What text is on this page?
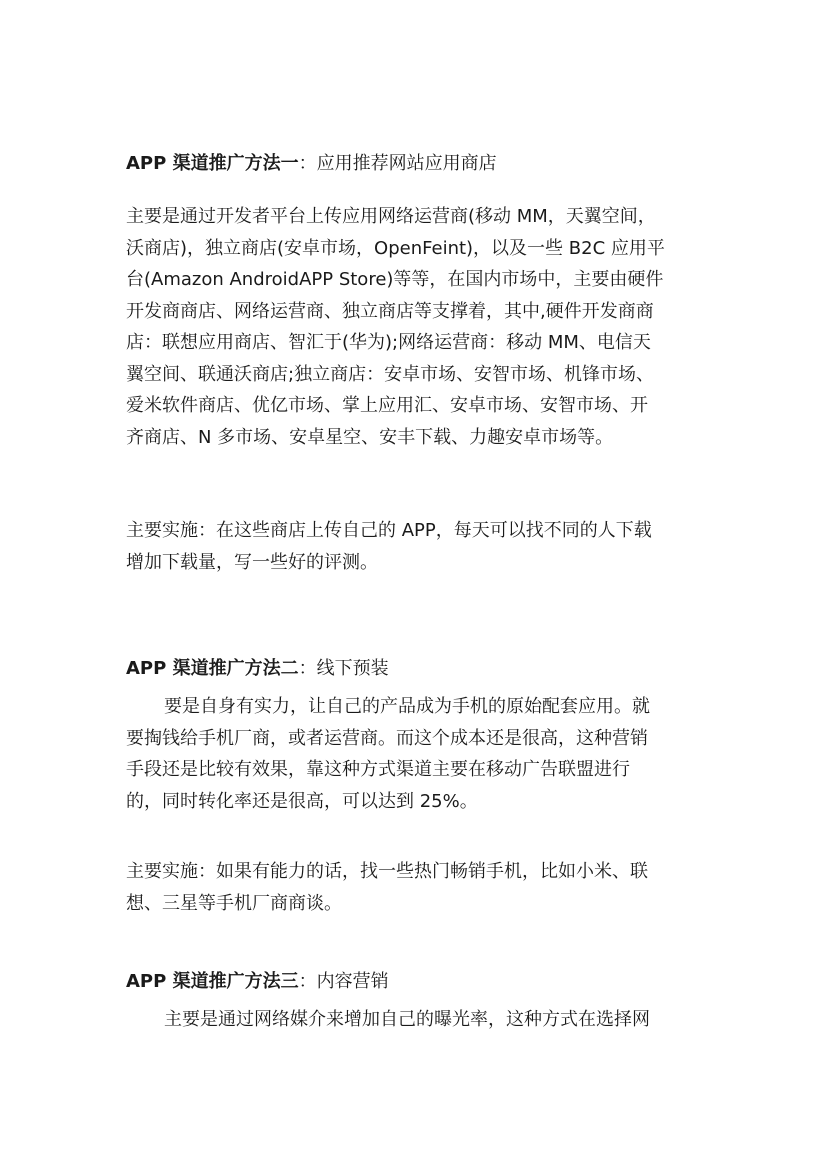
APP 渠道推广方法一：应用推荐网站应用商店
主要是通过开发者平台上传应用网络运营商(移动 MM，天翼空间，
沃商店)，独立商店(安卓市场，OpenFeint)，以及一些 B2C 应用平
台(Amazon AndroidAPP Store)等等，在国内市场中，主要由硬件
开发商商店、网络运营商、独立商店等支撑着，其中,硬件开发商商
店：联想应用商店、智汇于(华为);网络运营商：移动 MM、电信天
翼空间、联通沃商店;独立商店：安卓市场、安智市场、机锋市场、
爱米软件商店、优亿市场、掌上应用汇、安卓市场、安智市场、开
齐商店、N 多市场、安卓星空、安丰下载、力趣安卓市场等。
主要实施：在这些商店上传自己的 APP，每天可以找不同的人下载
增加下载量，写一些好的评测。
APP 渠道推广方法二：线下预装
要是自身有实力，让自己的产品成为手机的原始配套应用。就
要掏钱给手机厂商，或者运营商。而这个成本还是很高，这种营销
手段还是比较有效果，靠这种方式渠道主要在移动广告联盟进行
的，同时转化率还是很高，可以达到 25%。
主要实施：如果有能力的话，找一些热门畅销手机，比如小米、联
想、三星等手机厂商商谈。
APP 渠道推广方法三：内容营销
主要是通过网络媒介来增加自己的曝光率，这种方式在选择网
